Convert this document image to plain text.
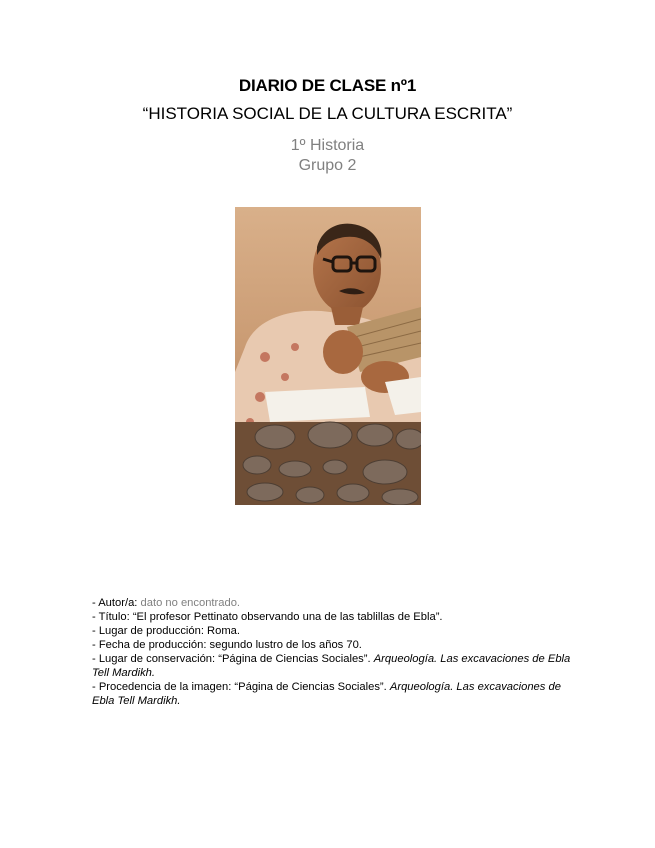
DIARIO DE CLASE nº1
“HISTORIA SOCIAL DE LA CULTURA ESCRITA”
1º Historia
Grupo 2
- Autor/a: dato no encontrado.
- Título: “El profesor Pettinato observando una de las tablillas de Ebla”.
- Lugar de producción: Roma.
- Fecha de producción: segundo lustro de los años 70.
- Lugar de conservación: “Página de Ciencias Sociales”. Arqueología. Las excavaciones de Ebla Tell Mardikh.
- Procedencia de la imagen: “Página de Ciencias Sociales”. Arqueología. Las excavaciones de Ebla Tell Mardikh.
